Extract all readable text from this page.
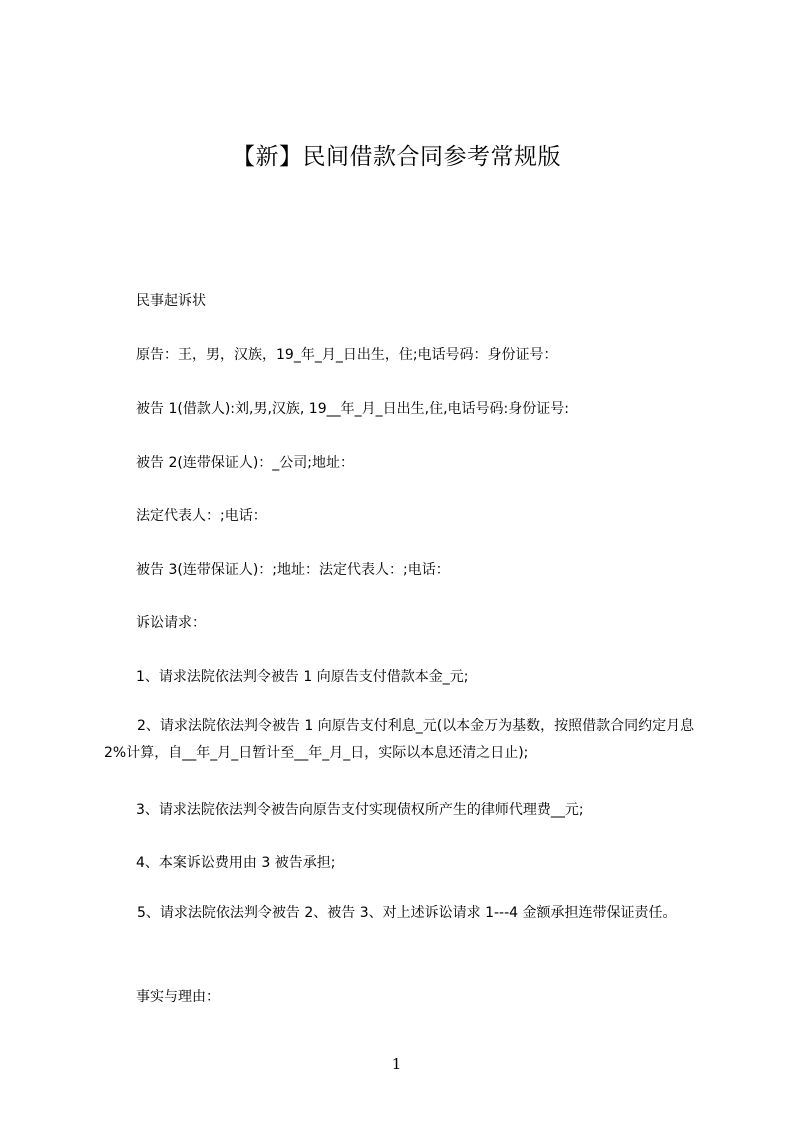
【新】民间借款合同参考常规版
民事起诉状
原告：王，男，汉族，19_年_月_日出生，住;电话号码：身份证号：
被告 1(借款人):刘,男,汉族, 19__年_月_日出生,住,电话号码:身份证号:
被告 2(连带保证人)：_公司;地址：
法定代表人：;电话：
被告 3(连带保证人)：;地址：法定代表人：;电话：
诉讼请求：
1、请求法院依法判令被告 1 向原告支付借款本金_元;
2、请求法院依法判令被告 1 向原告支付利息_元(以本金万为基数，按照借款合同约定月息 2%计算，自__年_月_日暂计至__年_月_日，实际以本息还清之日止);
3、请求法院依法判令被告向原告支付实现债权所产生的律师代理费__元;
4、本案诉讼费用由 3 被告承担;
5、请求法院依法判令被告 2、被告 3、对上述诉讼请求 1---4 金额承担连带保证责任。
事实与理由：
1
